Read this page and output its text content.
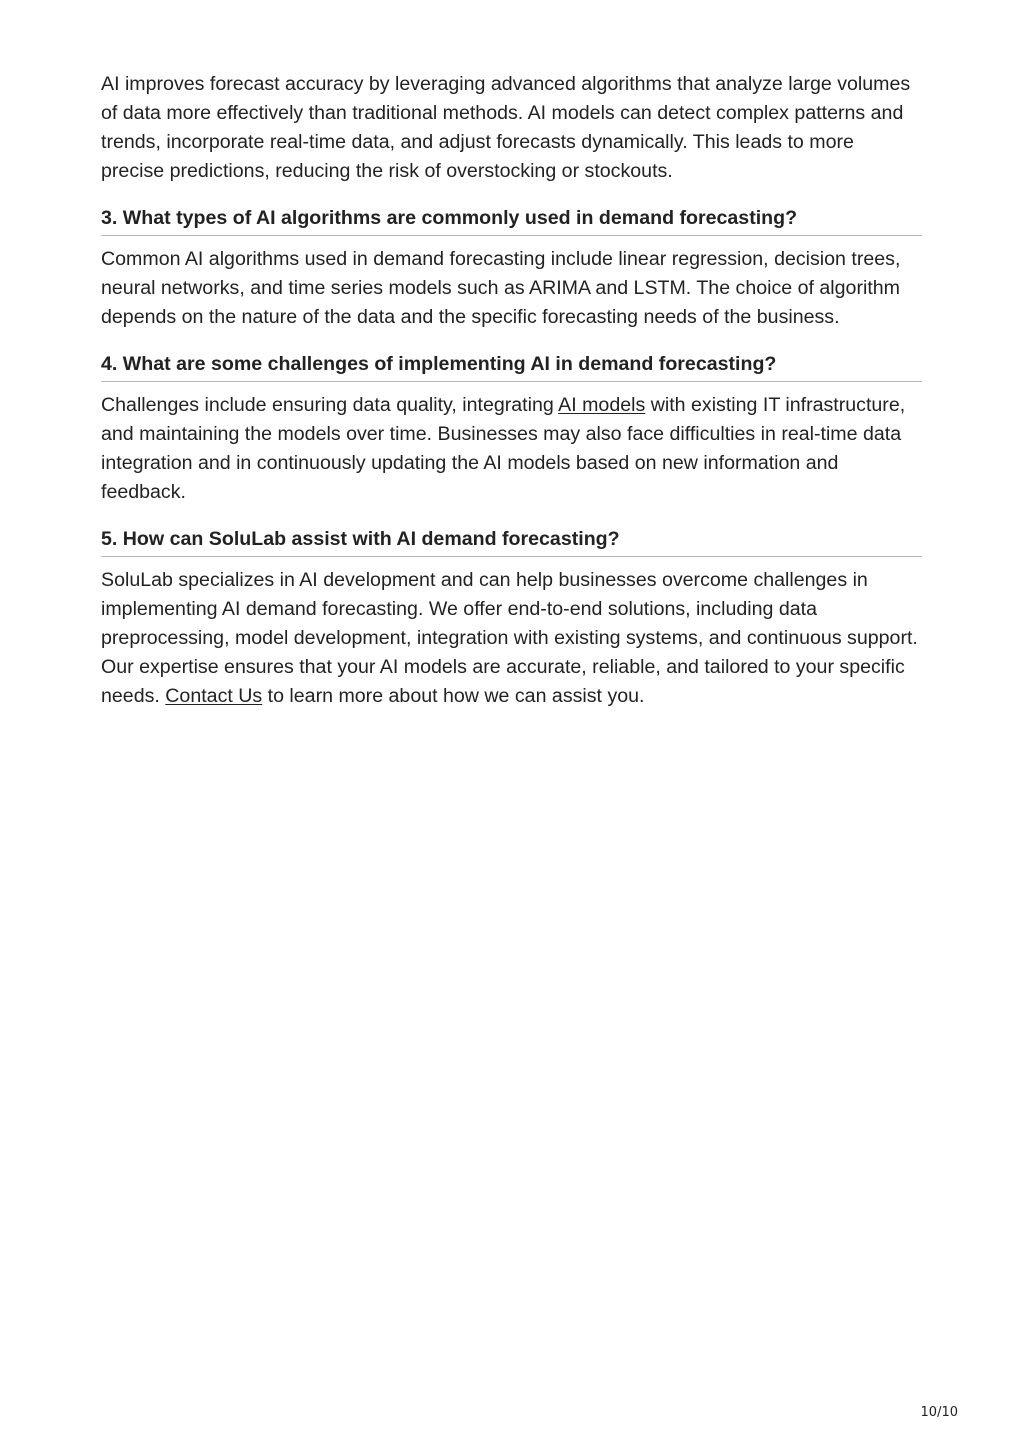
AI improves forecast accuracy by leveraging advanced algorithms that analyze large volumes of data more effectively than traditional methods. AI models can detect complex patterns and trends, incorporate real-time data, and adjust forecasts dynamically. This leads to more precise predictions, reducing the risk of overstocking or stockouts.

3. What types of AI algorithms are commonly used in demand forecasting?

Common AI algorithms used in demand forecasting include linear regression, decision trees, neural networks, and time series models such as ARIMA and LSTM. The choice of algorithm depends on the nature of the data and the specific forecasting needs of the business.

4. What are some challenges of implementing AI in demand forecasting?

Challenges include ensuring data quality, integrating AI models with existing IT infrastructure, and maintaining the models over time. Businesses may also face difficulties in real-time data integration and in continuously updating the AI models based on new information and feedback.

5. How can SoluLab assist with AI demand forecasting?

SoluLab specializes in AI development and can help businesses overcome challenges in implementing AI demand forecasting. We offer end-to-end solutions, including data preprocessing, model development, integration with existing systems, and continuous support. Our expertise ensures that your AI models are accurate, reliable, and tailored to your specific needs. Contact Us to learn more about how we can assist you.

10/10
